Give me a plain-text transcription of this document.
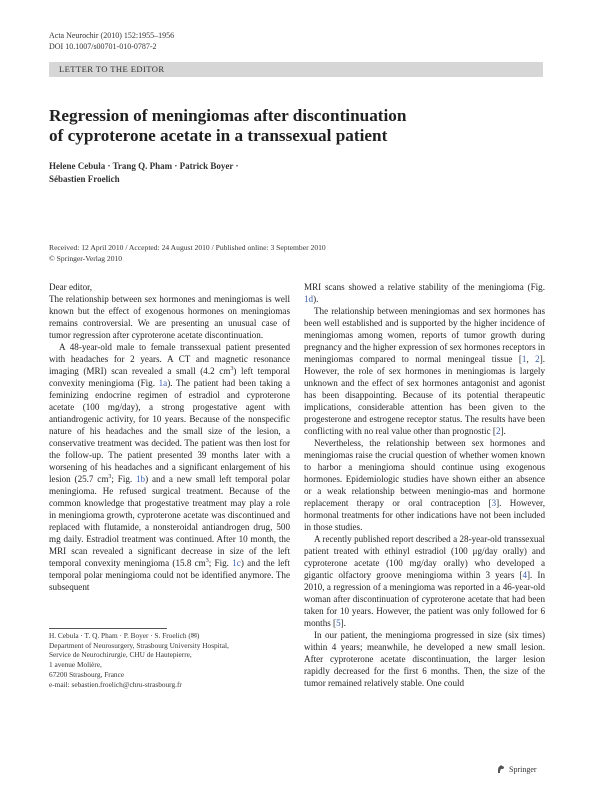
Acta Neurochir (2010) 152:1955–1956
DOI 10.1007/s00701-010-0787-2
LETTER TO THE EDITOR
Regression of meningiomas after discontinuation
of cyproterone acetate in a transsexual patient
Helene Cebula · Trang Q. Pham · Patrick Boyer ·
Sébastien Froelich
Received: 12 April 2010 / Accepted: 24 August 2010 / Published online: 3 September 2010
© Springer-Verlag 2010

Dear editor,

The relationship between sex hormones and meningiomas is well known but the effect of exogenous hormones on meningiomas remains controversial. We are presenting an unusual case of tumor regression after cyproterone acetate discontinuation.

A 48-year-old male to female transsexual patient presented with headaches for 2 years. A CT and magnetic resonance imaging (MRI) scan revealed a small (4.2 $cm^3$) left temporal convexity meningioma (Fig. 1a). The patient had been taking a feminizing endocrine regimen of estradiol and cyproterone acetate (100 mg/day), a strong progestative agent with antiandrogenic activity, for 10 years. Because of the nonspecific nature of his headaches and the small size of the lesion, a conservative treatment was decided. The patient was then lost for the follow-up. The patient presented 39 months later with a worsening of his headaches and a significant enlargement of his lesion (25.7 $cm^3$; Fig. 1b) and a new small left temporal polar meningioma. He refused surgical treatment. Because of the common knowledge that progestative treatment may play a role in meningioma growth, cyproterone acetate was discontinued and replaced with flutamide, a nonsteroidal antiandrogen drug, 500 mg daily. Estradiol treatment was continued. After 10 month, the MRI scan revealed a significant decrease in size of the left temporal convexity meningioma (15.8 $cm^3$; Fig. 1c) and the left temporal polar meningioma could not be identified anymore. The subsequent

MRI scans showed a relative stability of the meningioma (Fig. 1d).

The relationship between meningiomas and sex hormones has been well established and is supported by the higher incidence of meningiomas among women, reports of tumor growth during pregnancy and the higher expression of sex hormones receptors in meningiomas compared to normal meningeal tissue [1, 2]. However, the role of sex hormones in meningiomas is largely unknown and the effect of sex hormones antagonist and agonist has been disappointing. Because of its potential therapeutic implications, considerable attention has been given to the progesterone and estrogene receptor status. The results have been conflicting with no real value other than prognostic [2].

Nevertheless, the relationship between sex hormones and meningiomas raise the crucial question of whether women known to harbor a meningioma should continue using exogenous hormones. Epidemiologic studies have shown either an absence or a weak relationship between meningio-mas and hormone replacement therapy or oral contraception [3]. However, hormonal treatments for other indications have not been included in those studies.

A recently published report described a 28-year-old transsexual patient treated with ethinyl estradiol (100 μg/day orally) and cyproterone acetate (100 mg/day orally) who developed a gigantic olfactory groove meningioma within 3 years [4]. In 2010, a regression of a meningioma was reported in a 46-year-old woman after discontinuation of cyproterone acetate that had been taken for 10 years. However, the patient was only followed for 6 months [5].

In our patient, the meningioma progressed in size (six times) within 4 years; meanwhile, he developed a new small lesion. After cyproterone acetate discontinuation, the larger lesion rapidly decreased for the first 6 months. Then, the size of the tumor remained relatively stable. One could

H. Cebula · T. Q. Pham · P. Boyer · S. Froelich (✉)
Department of Neurosurgery, Strasbourg University Hospital,
Service de Neurochirurgie, CHU de Hautepierre,
1 avenue Molière,
67200 Strasbourg, France
e-mail: sebastien.froelich@chru-strasbourg.fr
Springer
